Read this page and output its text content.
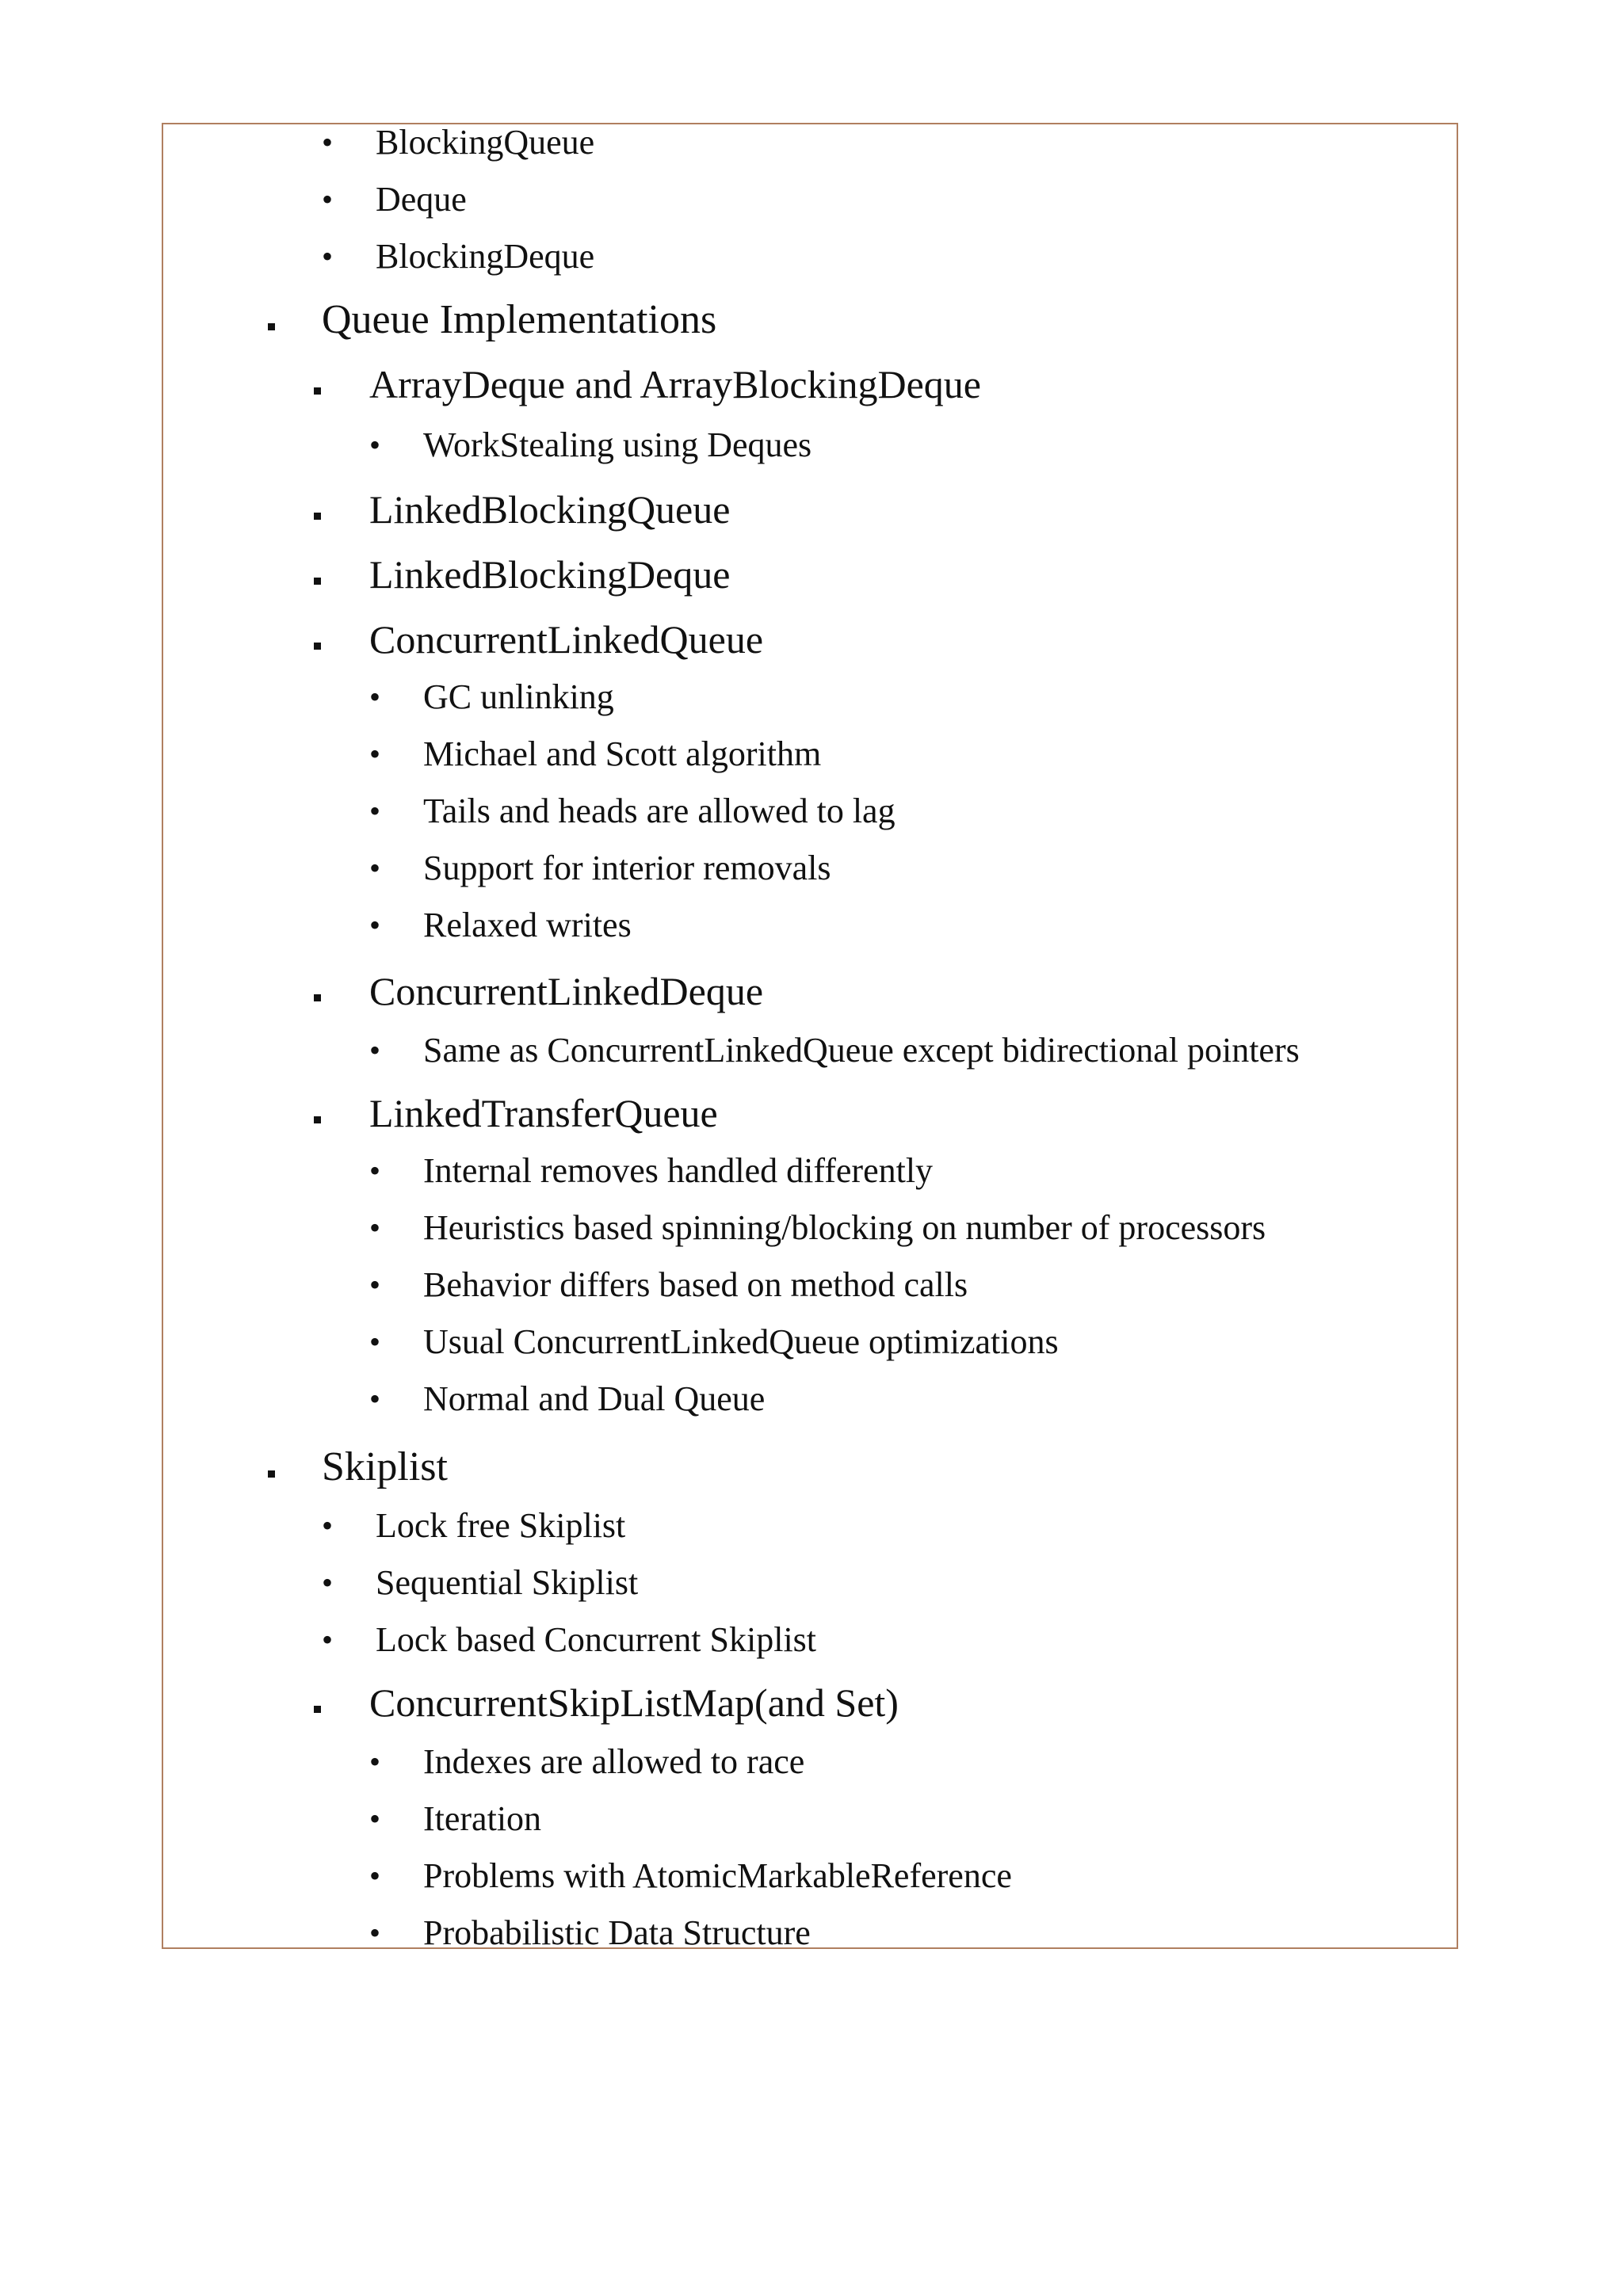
• BlockingQueue
• Deque
• BlockingDeque
Queue Implementations
ArrayDeque and ArrayBlockingDeque
• WorkStealing using Deques
LinkedBlockingQueue
LinkedBlockingDeque
ConcurrentLinkedQueue
• GC unlinking
• Michael and Scott algorithm
• Tails and heads are allowed to lag
• Support for interior removals
• Relaxed writes
ConcurrentLinkedDeque
• Same as ConcurrentLinkedQueue except bidirectional pointers
LinkedTransferQueue
• Internal removes handled differently
• Heuristics based spinning/blocking on number of processors
• Behavior differs based on method calls
• Usual ConcurrentLinkedQueue optimizations
• Normal and Dual Queue
Skiplist
• Lock free Skiplist
• Sequential Skiplist
• Lock based Concurrent Skiplist
ConcurrentSkipListMap(and Set)
• Indexes are allowed to race
• Iteration
• Problems with AtomicMarkableReference
• Probabilistic Data Structure
